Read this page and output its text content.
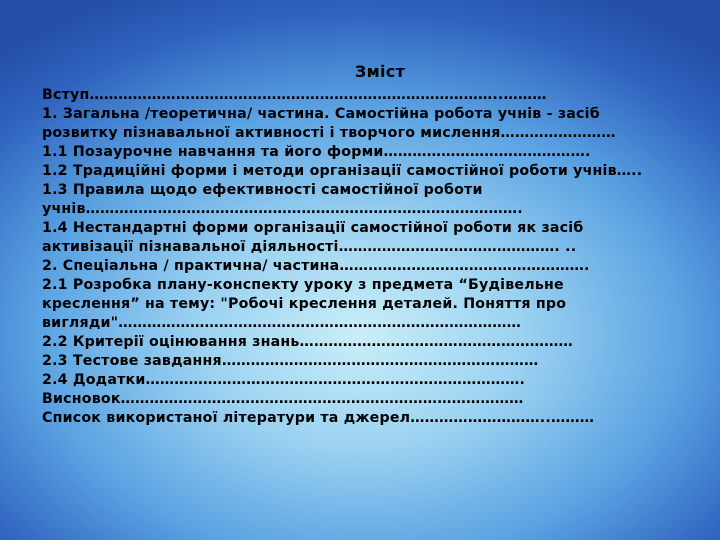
Зміст
Вступ…………………………………………………………………………..………
1. Загальна /теоретична/ частина. Самостійна робота учнів - засіб
розвитку пізнавальної активності і творчого мислення……………………
1.1 Позаурочне навчання та його форми…………………………………….
1.2 Традиційні форми і методи організації самостійної роботи учнів…..
1.3 Правила щодо ефективності самостійної роботи
учнів……………………………………………………………………………….
1.4 Нестандартні форми організації самостійної роботи як засіб
активізації пізнавальної діяльності………………………………………. ..
2. Спеціальна / практична/ частина…………………………………………….
2.1 Розробка плану-конспекту уроку з предмета “Будівельне
креслення” на тему: "Робочі креслення деталей. Поняття про
вигляди"…………………………………………………………………………
2.2 Критерії оцінювання знань…………………………………………………
2.3 Тестове завдання…………………………………………………………
2.4 Додатки…………………………………………………………………….
Висновок…………………………………………………………………………
Список використаної літератури та джерел………………………..………
